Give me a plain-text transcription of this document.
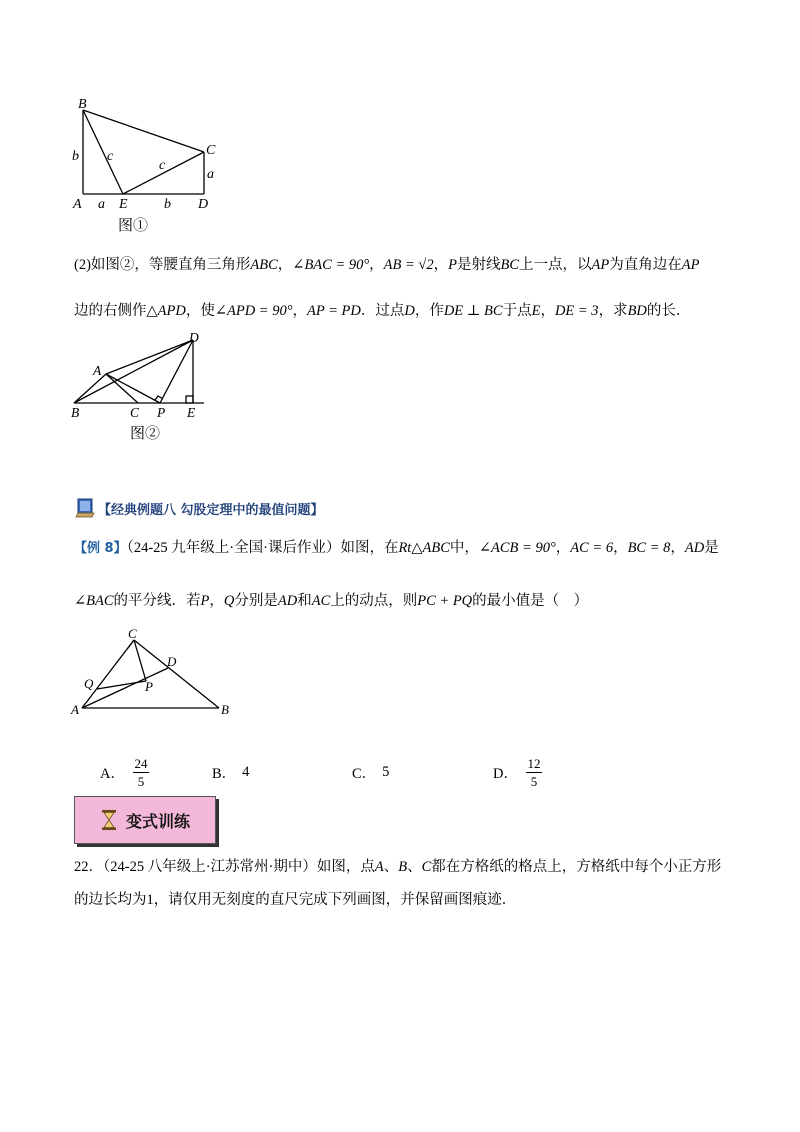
B
C
A	E	D
b c
c
a
a	b
图①
(2)如图②，等腰直角三角形ABC，∠BAC = 90°，AB = √2，P是射线BC上一点，以AP为直角边在AP
边的右侧作△APD，使∠APD = 90°，AP = PD．过点D，作DE ⊥ BC于点E，DE = 3，求BD的长．
A
B	C P E
D
图②
【经典例题八 勾股定理中的最值问题】
【例 8】（24-25 九年级上·全国·课后作业）如图，在Rt△ABC中，∠ACB = 90°，AC = 6，BC = 8，AD是
∠BAC的平分线．若P，Q分别是AD和AC上的动点，则PC + PQ的最小值是（　）
C
D
Q	P
A	B
A． $\frac{24}{5}$	B． 4	C． 5	D． $\frac{12}{5}$
变式训练
22．（24-25 八年级上·江苏常州·期中）如图，点A、B、C都在方格纸的格点上，方格纸中每个小正方形
的边长均为1，请仅用无刻度的直尺完成下列画图，并保留画图痕迹．
